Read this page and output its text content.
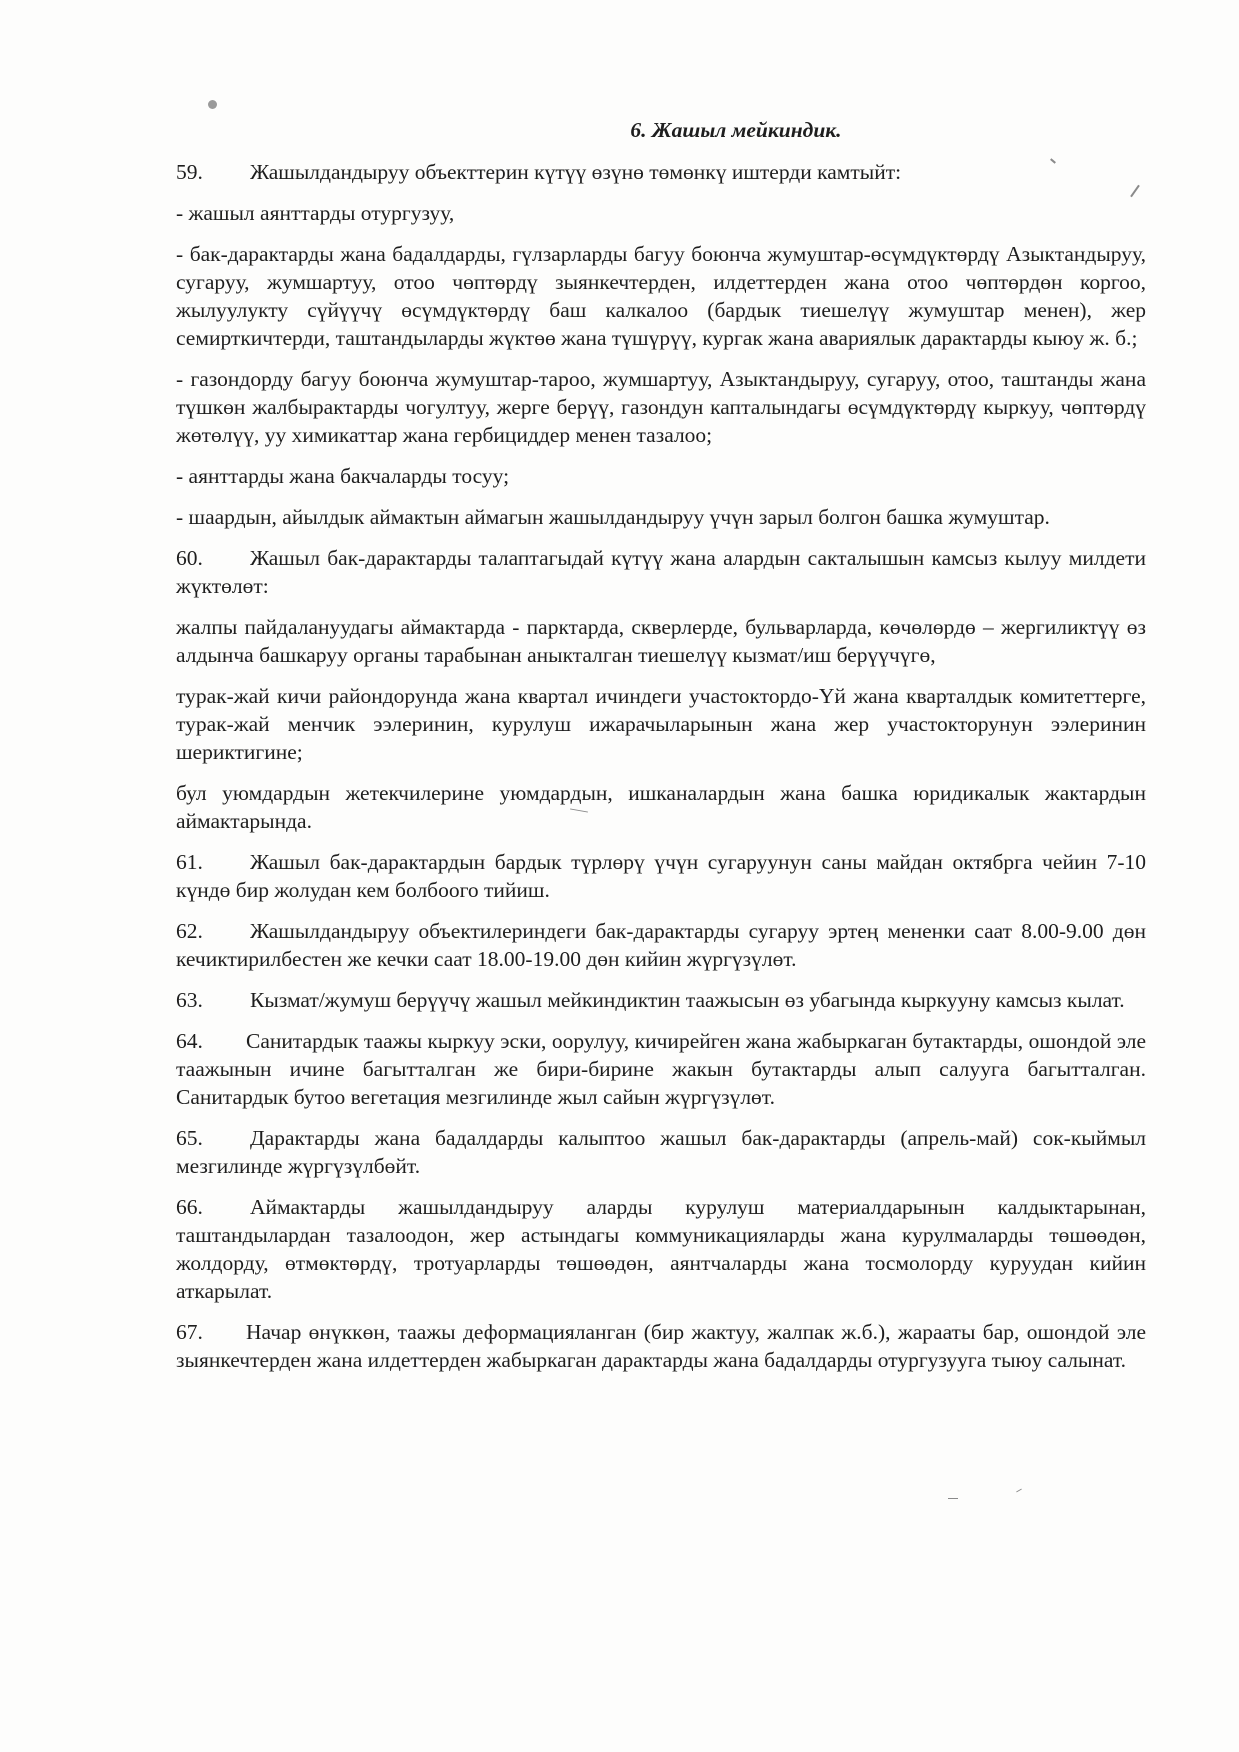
6. Жашыл мейкиндик.

59. Жашылдандыруу объекттерин күтүү өзүнө төмөнкү иштерди камтыйт:

- жашыл аянттарды отургузуу,

- бак-дарактарды жана бадалдарды, гүлзарларды багуу боюнча жумуштар-өсүмдүктөрдү Азыктандыруу, сугаруу, жумшартуу, отоо чөптөрдү зыянкечтерден, илдеттерден жана отоо чөптөрдөн коргоо, жылуулукту сүйүүчү өсүмдүктөрдү баш калкалоо (бардык тиешелүү жумуштар менен), жер семирткичтерди, таштандыларды жүктөө жана түшүрүү, кургак жана авариялык дарактарды кыюу ж. б.;

- газондорду багуу боюнча жумуштар-тароо, жумшартуу, Азыктандыруу, сугаруу, отоо, таштанды жана түшкөн жалбырактарды чогултуу, жерге берүү, газондун капталындагы өсүмдүктөрдү кыркуу, чөптөрдү жөтөлүү, уу химикаттар жана гербициддер менен тазалоо;

- аянттарды жана бакчаларды тосуу;

- шаардын, айылдык аймактын аймагын жашылдандыруу үчүн зарыл болгон башка жумуштар.

60. Жашыл бак-дарактарды талаптагыдай күтүү жана алардын сакталышын камсыз кылуу милдети жүктөлөт:

жалпы пайдалануудагы аймактарда - парктарда, скверлерде, бульварларда, көчөлөрдө – жергиликтүү өз алдынча башкаруу органы тарабынан аныкталган тиешелүү кызмат/иш берүүчүгө,

турак-жай кичи райондорунда жана квартал ичиндеги участоктордо-Үй жана кварталдык комитеттерге, турак-жай менчик ээлеринин, курулуш ижарачыларынын жана жер участокторунун ээлеринин шериктигине;

бул уюмдардын жетекчилерине уюмдардын, ишканалардын жана башка юридикалык жактардын аймактарында.

61. Жашыл бак-дарактардын бардык түрлөрү үчүн сугаруунун саны майдан октябрга чейин 7-10 күндө бир жолудан кем болбоого тийиш.

62. Жашылдандыруу объектилериндеги бак-дарактарды сугаруу эртең мененки саат 8.00-9.00 дөн кечиктирилбестен же кечки саат 18.00-19.00 дөн кийин жүргүзүлөт.

63. Кызмат/жумуш берүүчү жашыл мейкиндиктин таажысын өз убагында кыркууну камсыз кылат.

64. Санитардык таажы кыркуу эски, оорулуу, кичирейген жана жабыркаган бутактарды, ошондой эле таажынын ичине багытталган же бири-бирине жакын бутактарды алып салууга багытталган. Санитардык бутоо вегетация мезгилинде жыл сайын жүргүзүлөт.

65. Дарактарды жана бадалдарды калыптоо жашыл бак-дарактарды (апрель-май) сок-кыймыл мезгилинде жүргүзүлбөйт.

66. Аймактарды жашылдандыруу аларды курулуш материалдарынын калдыктарынан, таштандылардан тазалоодон, жер астындагы коммуникацияларды жана курулмаларды төшөөдөн, жолдорду, өтмөктөрдү, тротуарларды төшөөдөн, аянтчаларды жана тосмолорду куруудан кийин аткарылат.

67. Начар өнүккөн, таажы деформацияланган (бир жактуу, жалпак ж.б.), жарааты бар, ошондой эле зыянкечтерден жана илдеттерден жабыркаган дарактарды жана бадалдарды отургузууга тыюу салынат.
